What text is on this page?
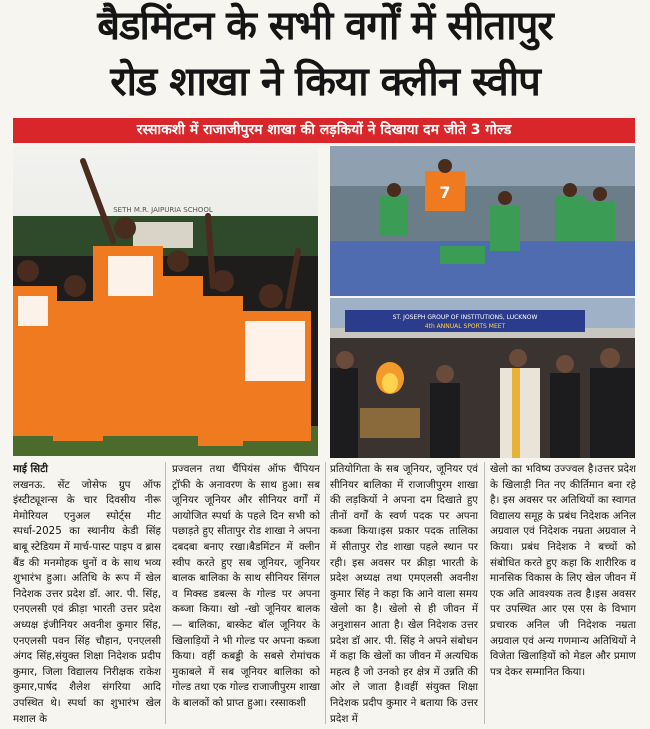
बैडमिंटन के सभी वर्गों में सीतापुर
रोड शाखा ने किया क्लीन स्वीप
रस्साकशी में राजाजीपुरम शाखा की लड़कियों ने दिखाया दम जीते 3 गोल्ड
SETH M.R. JAIPURIA SCHOOL
7
ST. JOSEPH GROUP OF INSTITUTIONS, LUCKNOW
4th ANNUAL SPORTS MEET
माई सिटी
लखनऊ. सेंट जोसेफ ग्रुप ऑफ इंस्टीट्यूशन्स के चार दिवसीय नीरू मेमोरियल एनुअल स्पोर्ट्स मीट स्पर्धा-2025 का स्थानीय केडी सिंह बाबू स्टेडियम में मार्च-पास्ट पाइप व ब्रास बैंड की मनमोहक धुनों व के साथ भव्य शुभारंभ हुआ। अतिथि के रूप में खेल निदेशक उत्तर प्रदेश डॉ. आर. पी. सिंह, एनएलसी एवं क्रीड़ा भारती उत्तर प्रदेश अध्यक्ष इंजीनियर अवनीश कुमार सिंह, एनएलसी पवन सिंह चौहान, एनएलसी अंगद सिंह,संयुक्त शिक्षा निदेशक प्रदीप कुमार, जिला विद्यालय निरीक्षक राकेश कुमार,पार्षद शैलेश संगरिया आदि उपस्थित थे। स्पर्धा का शुभारंभ खेल मशाल के
प्रज्वलन तथा चैंपियंस ऑफ चैंपियन ट्रॉफी के अनावरण के साथ हुआ। सब जूनियर जूनियर और सीनियर वर्गों में आयोजित स्पर्धा के पहले दिन सभी को पछाड़ते हुए सीतापुर रोड शाखा ने अपना दबदबा बनाए रखा।बैडमिंटन में क्लीन स्वीप करते हुए सब जूनियर, जूनियर बालक बालिका के साथ सीनियर सिंगल व मिक्स्ड डबल्स के गोल्ड पर अपना कब्जा किया। खो -खो जूनियर बालक — बालिका, बास्केट बॉल जूनियर के खिलाड़ियों ने भी गोल्ड पर अपना कब्जा किया। वहीं कबड्डी के सबसे रोमांचक मुकाबले में सब जूनियर बालिका को गोल्ड तथा एक गोल्ड राजाजीपुरम शाखा के बालकों को प्राप्त हुआ। रस्साकशी
प्रतियोगिता के सब जूनियर, जूनियर एवं सीनियर बालिका में राजाजीपुरम शाखा की लड़कियों ने अपना दम दिखाते हुए तीनों वर्गों के स्वर्ण पदक पर अपना कब्जा किया।इस प्रकार पदक तालिका में सीतापुर रोड शाखा पहले स्थान पर रही। इस अवसर पर क्रीड़ा भारती के प्रदेश अध्यक्ष तथा एमएलसी अवनीश कुमार सिंह ने कहा कि आने वाला समय खेलो का है। खेलो से ही जीवन में अनुशासन आता है। खेल निदेशक उत्तर प्रदेश डॉ आर. पी. सिंह ने अपने संबोधन में कहा कि खेलों का जीवन में अत्यधिक महत्व है जो उनको हर क्षेत्र में उन्नति की ओर ले जाता है।वहीं संयुक्त शिक्षा निदेशक प्रदीप कुमार ने बताया कि उत्तर प्रदेश में
खेलो का भविष्य उज्ज्वल है।उत्तर प्रदेश के खिलाड़ी नित नए कीर्तिमान बना रहे है। इस अवसर पर अतिथियों का स्वागत विद्यालय समूह के प्रबंध निदेशक अनिल अग्रवाल एवं निदेशक नम्रता अग्रवाल ने किया। प्रबंध निदेशक ने बच्चों को संबोधित करते हुए कहा कि शारीरिक व मानसिक विकास के लिए खेल जीवन में एक अति आवश्यक तत्व है।इस अवसर पर उपस्थित आर एस एस के विभाग प्रचारक अनिल जी निदेशक नम्रता अग्रवाल एवं अन्य गणमान्य अतिथियों ने विजेता खिलाड़ियों को मेडल और प्रमाण पत्र देकर सम्मानित किया।
